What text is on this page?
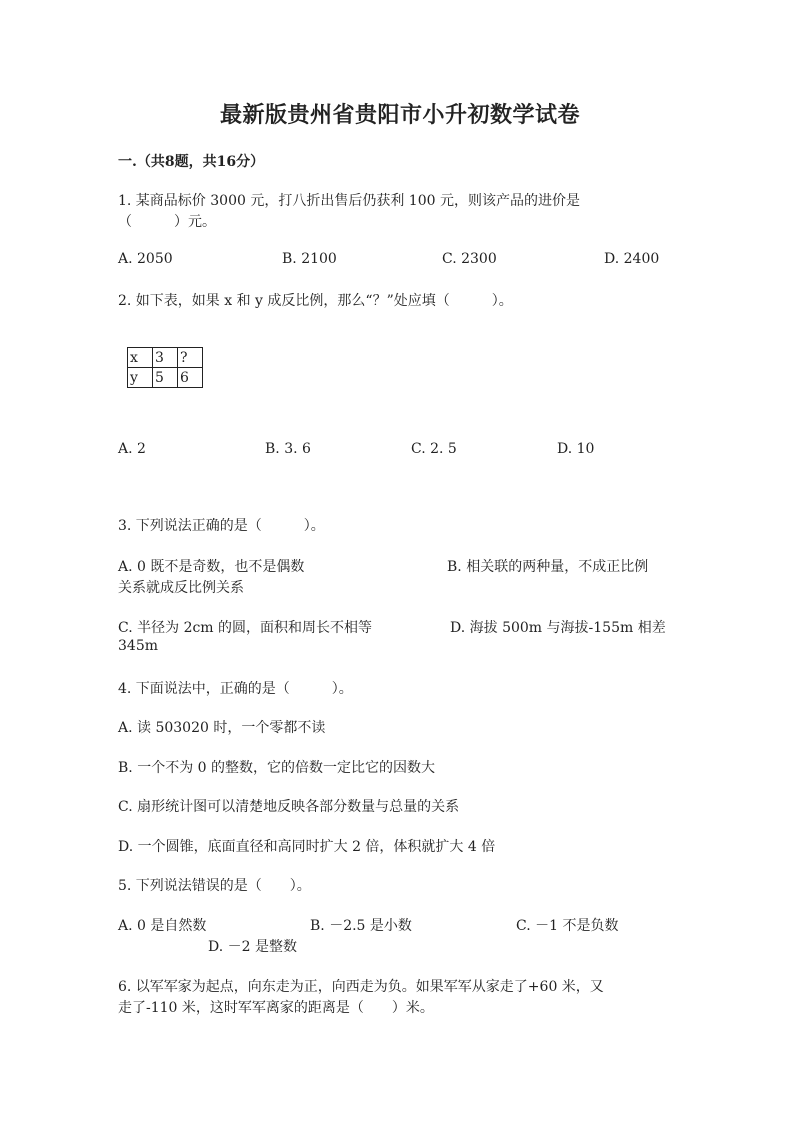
最新版贵州省贵阳市小升初数学试卷
一.（共8题，共16分）
1. 某商品标价 3000 元，打八折出售后仍获利 100 元，则该产品的进价是
（　　　）元。
A. 2050	B. 2100	C. 2300	D. 2400
2. 如下表，如果 x 和 y 成反比例，那么“？”处应填（　　　）。
x	3	?
y	5	6
A. 2	B. 3. 6	C. 2. 5	D. 10
3. 下列说法正确的是（　　　）。
A. 0 既不是奇数，也不是偶数	B. 相关联的两种量，不成正比例
关系就成反比例关系
C. 半径为 2cm 的圆，面积和周长不相等	D. 海拔 500m 与海拔-155m 相差
345m
4. 下面说法中，正确的是（　　　）。
A. 读 503020 时，一个零都不读
B. 一个不为 0 的整数，它的倍数一定比它的因数大
C. 扇形统计图可以清楚地反映各部分数量与总量的关系
D. 一个圆锥，底面直径和高同时扩大 2 倍，体积就扩大 4 倍
5. 下列说法错误的是（　　）。
A. 0 是自然数	B. －2.5 是小数	C. －1 不是负数
D. －2 是整数
6. 以军军家为起点，向东走为正，向西走为负。如果军军从家走了+60 米，又
走了-110 米，这时军军离家的距离是（　　）米。
